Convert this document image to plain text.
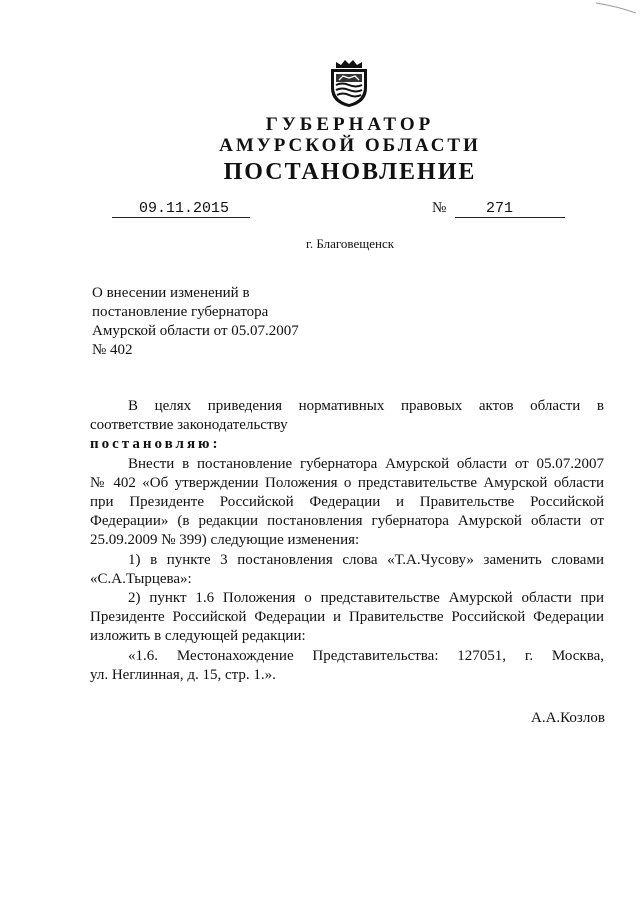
ГУБЕРНАТОР
АМУРСКОЙ ОБЛАСТИ
ПОСТАНОВЛЕНИЕ
09.11.2015	№	271
г. Благовещенск
О внесении изменений в
постановление губернатора
Амурской области от 05.07.2007
№ 402

В целях приведения нормативных правовых актов области в

соответствие законодательству

постановляю:

Внести в постановление губернатора Амурской области от 05.07.2007

№ 402 «Об утверждении Положения о представительстве Амурской области

при Президенте Российской Федерации и Правительстве Российской

Федерации» (в редакции постановления губернатора Амурской области от

25.09.2009 № 399) следующие изменения:

1) в пункте 3 постановления слова «Т.А.Чусову» заменить словами

«С.А.Тырцева»:

2) пункт 1.6 Положения о представительстве Амурской области при

Президенте Российской Федерации и Правительстве Российской Федерации

изложить в следующей редакции:

«1.6. Местонахождение Представительства: 127051, г. Москва,

ул. Неглинная, д. 15, стр. 1.».

А.А.Козлов
